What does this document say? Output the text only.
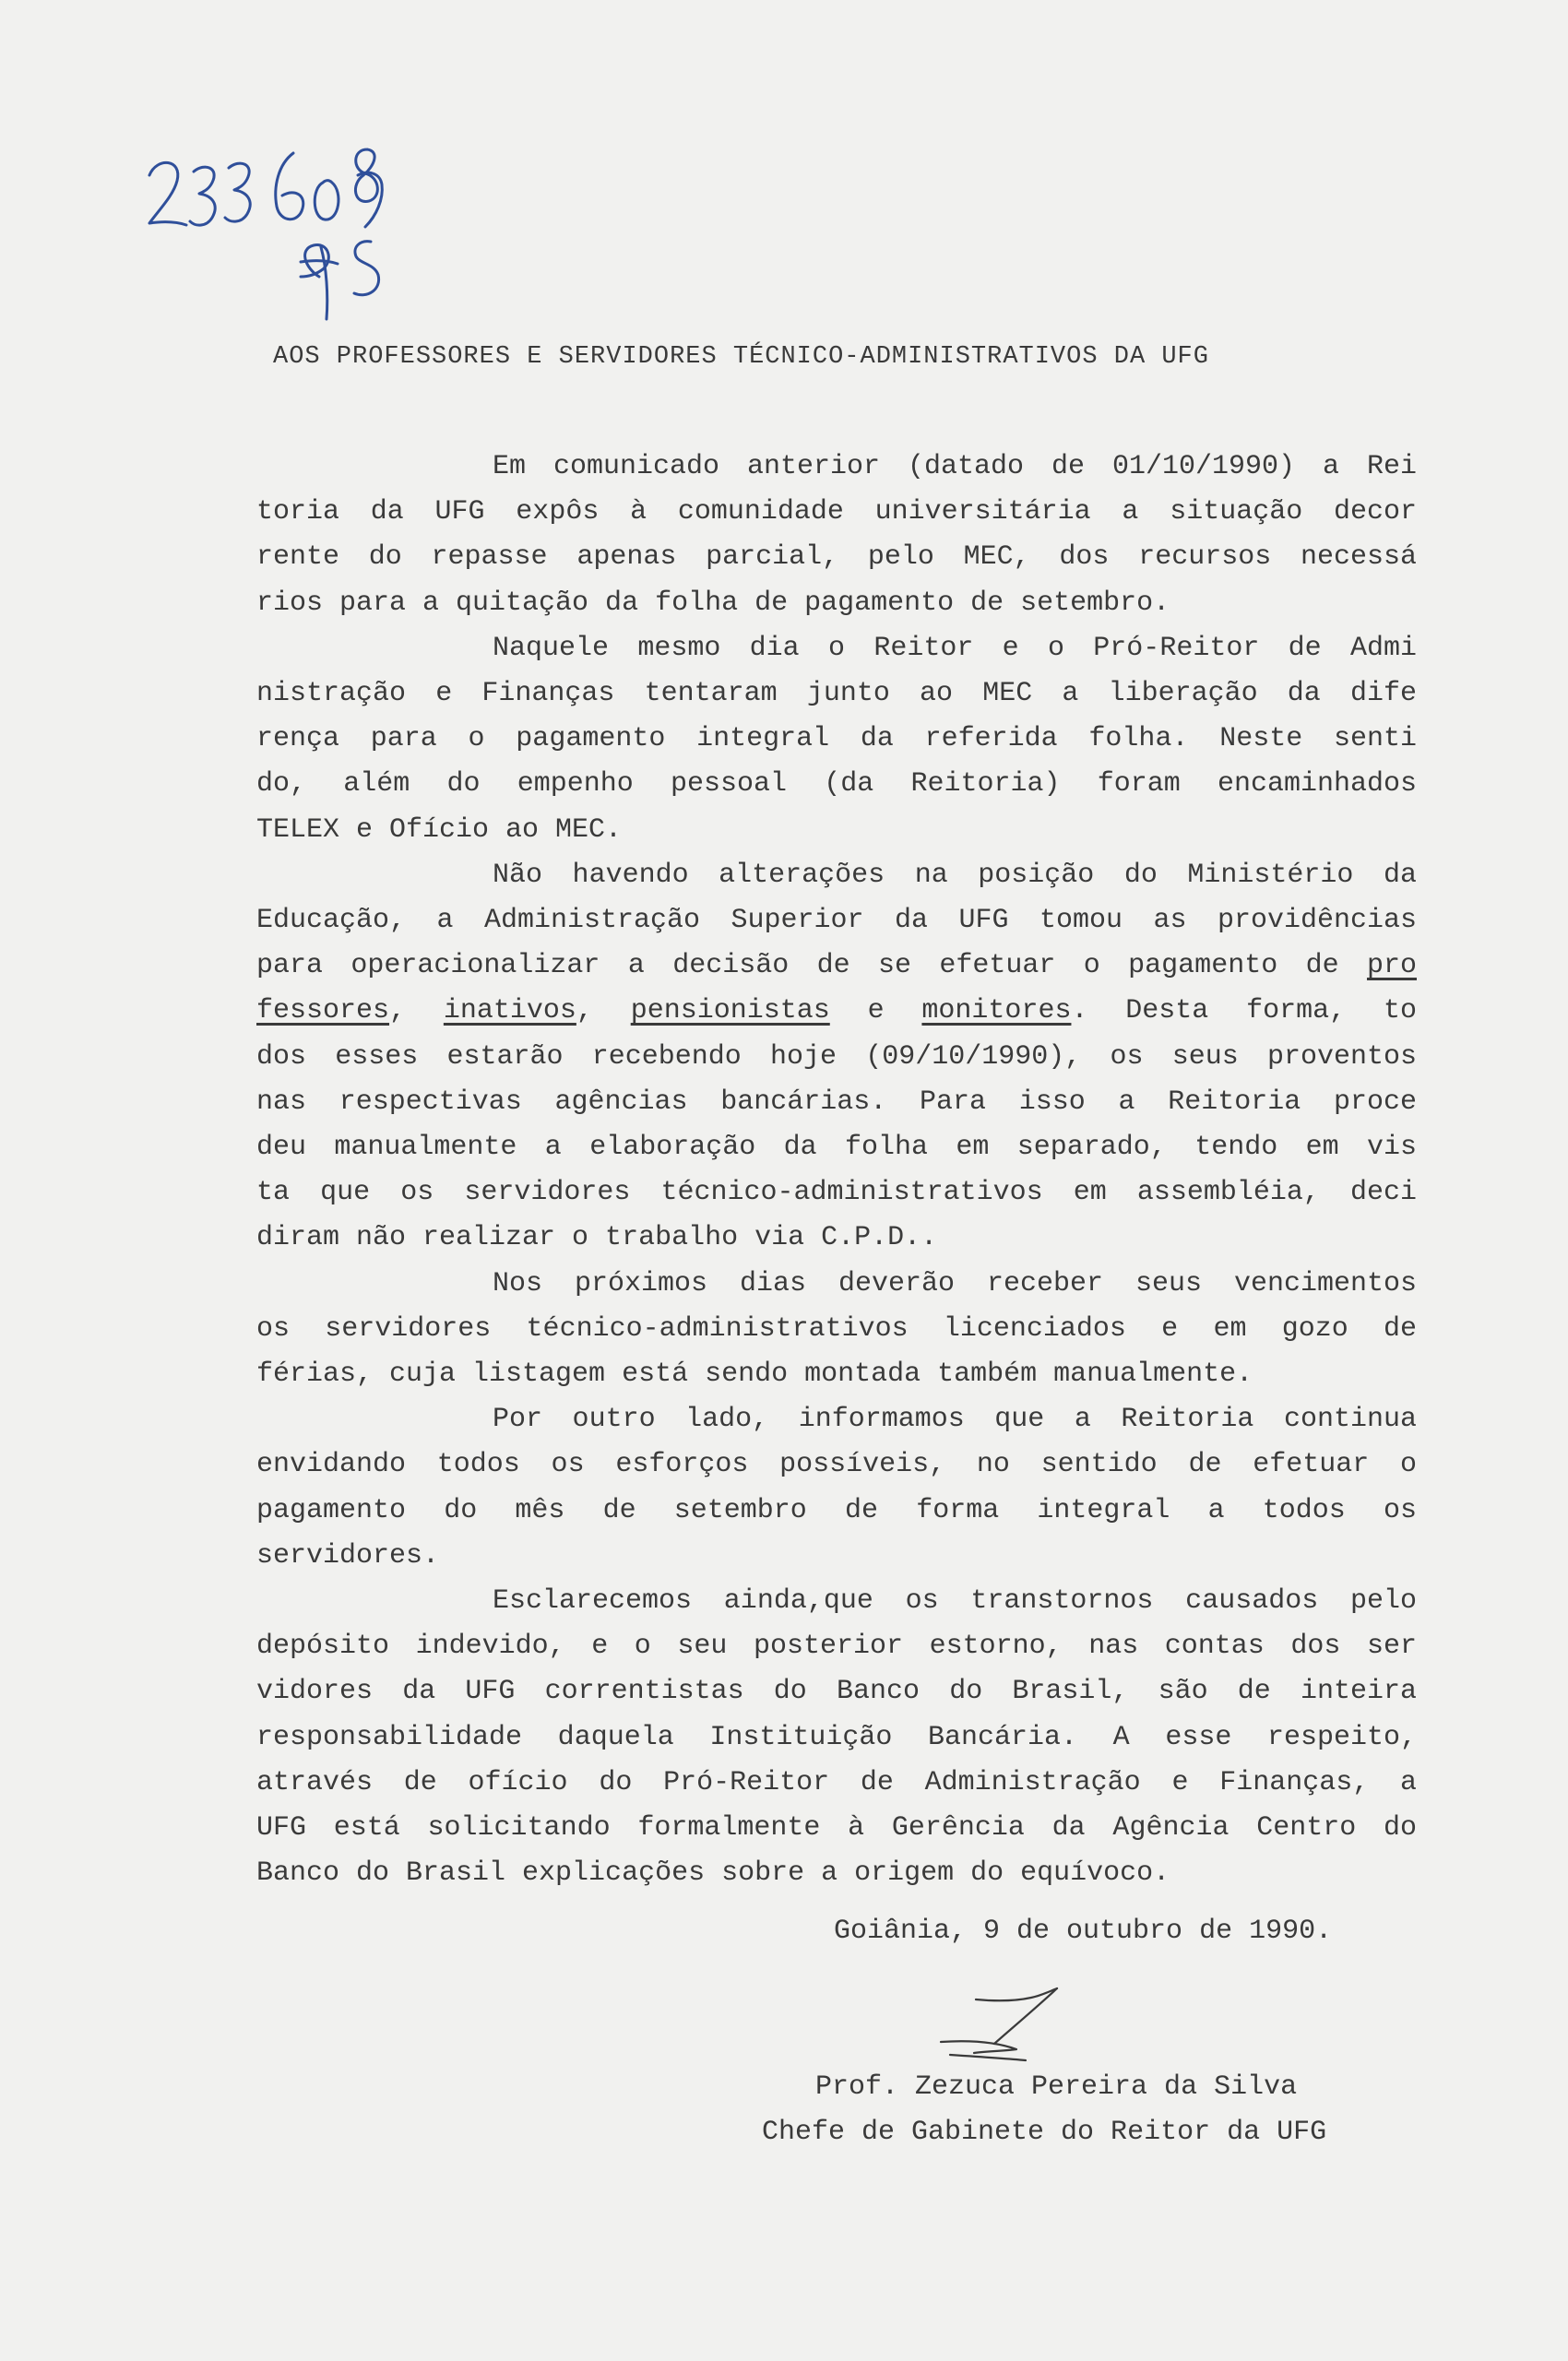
AOS PROFESSORES E SERVIDORES TÉCNICO-ADMINISTRATIVOS DA UFG

Em comunicado anterior (datado de 01/10/1990) a Rei

toria da UFG expôs à comunidade universitária a situação decor

rente do repasse apenas parcial, pelo MEC, dos recursos necessá

rios para a quitação da folha de pagamento de setembro.

Naquele mesmo dia o Reitor e o Pró-Reitor de Admi

nistração e Finanças tentaram junto ao MEC a liberação da dife

rença para o pagamento integral da referida folha. Neste senti

do, além do empenho pessoal (da Reitoria) foram encaminhados

TELEX e Ofício ao MEC.

Não havendo alterações na posição do Ministério da

Educação, a Administração Superior da UFG tomou as providências

para operacionalizar a decisão de se efetuar o pagamento de pro

fessores, inativos, pensionistas e monitores. Desta forma, to

dos esses estarão recebendo hoje (09/10/1990), os seus proventos

nas respectivas agências bancárias. Para isso a Reitoria proce

deu manualmente a elaboração da folha em separado, tendo em vis

ta que os servidores técnico-administrativos em assembléia, deci

diram não realizar o trabalho via C.P.D..

Nos próximos dias deverão receber seus vencimentos

os servidores técnico-administrativos licenciados e em gozo de

férias, cuja listagem está sendo montada também manualmente.

Por outro lado, informamos que a Reitoria continua

envidando todos os esforços possíveis, no sentido de efetuar o

pagamento do mês de setembro de forma integral a todos os

servidores.

Esclarecemos ainda,que os transtornos causados pelo

depósito indevido, e o seu posterior estorno, nas contas dos ser

vidores da UFG correntistas do Banco do Brasil, são de inteira

responsabilidade daquela Instituição Bancária. A esse respeito,

através de ofício do Pró-Reitor de Administração e Finanças, a

UFG está solicitando formalmente à Gerência da Agência Centro do

Banco do Brasil explicações sobre a origem do equívoco.

Goiânia, 9 de outubro de 1990.
Prof. Zezuca Pereira da Silva
Chefe de Gabinete do Reitor da UFG
